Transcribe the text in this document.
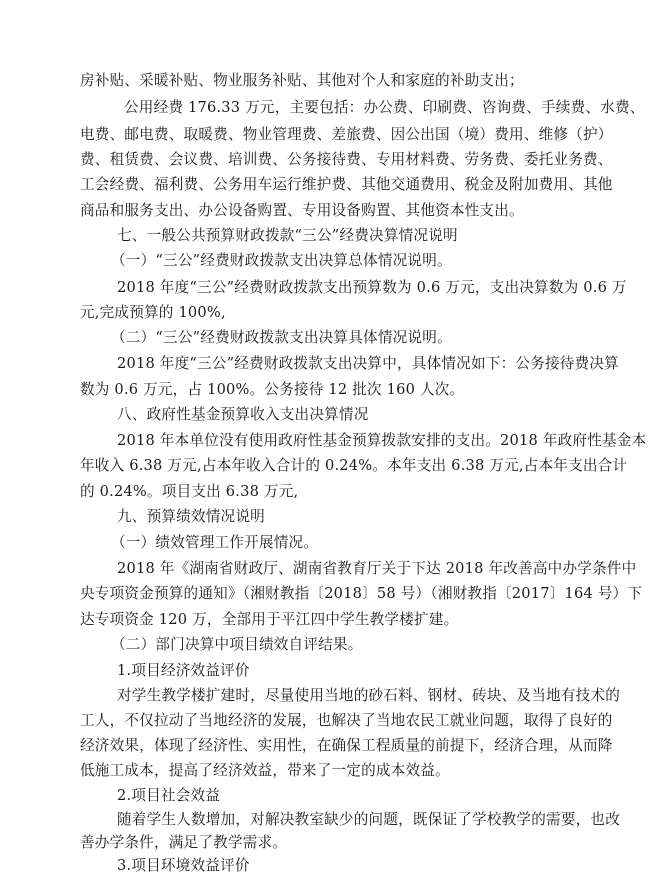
房补贴、采暖补贴、物业服务补贴、其他对个人和家庭的补助支出；
公用经费 176.33 万元，主要包括：办公费、印刷费、咨询费、手续费、水费、
电费、邮电费、取暖费、物业管理费、差旅费、因公出国（境）费用、维修（护）
费、租赁费、会议费、培训费、公务接待费、专用材料费、劳务费、委托业务费、
工会经费、福利费、公务用车运行维护费、其他交通费用、税金及附加费用、其他
商品和服务支出、办公设备购置、专用设备购置、其他资本性支出。
七、一般公共预算财政拨款“三公”经费决算情况说明
（一）“三公”经费财政拨款支出决算总体情况说明。
2018 年度“三公”经费财政拨款支出预算数为 0.6 万元，支出决算数为 0.6 万
元,完成预算的 100%,
（二）“三公”经费财政拨款支出决算具体情况说明。
2018 年度“三公”经费财政拨款支出决算中，具体情况如下：公务接待费决算
数为 0.6 万元，占 100%。公务接待 12 批次 160 人次。
八、政府性基金预算收入支出决算情况
2018 年本单位没有使用政府性基金预算拨款安排的支出。2018 年政府性基金本
年收入 6.38 万元,占本年收入合计的 0.24%。本年支出 6.38 万元,占本年支出合计
的 0.24%。项目支出 6.38 万元,
九、预算绩效情况说明
（一）绩效管理工作开展情况。
2018 年《湖南省财政厅、湖南省教育厅关于下达 2018 年改善高中办学条件中
央专项资金预算的通知》（湘财教指〔2018〕58 号）（湘财教指〔2017〕164 号）下
达专项资金 120 万，全部用于平江四中学生教学楼扩建。
（二）部门决算中项目绩效自评结果。
1.项目经济效益评价
对学生教学楼扩建时，尽量使用当地的砂石料、钢材、砖块、及当地有技术的
工人，不仅拉动了当地经济的发展，也解决了当地农民工就业问题，取得了良好的
经济效果，体现了经济性、实用性，在确保工程质量的前提下，经济合理，从而降
低施工成本，提高了经济效益，带来了一定的成本效益。
2.项目社会效益
随着学生人数增加，对解决教室缺少的问题，既保证了学校教学的需要，也改
善办学条件，满足了教学需求。
3.项目环境效益评价
